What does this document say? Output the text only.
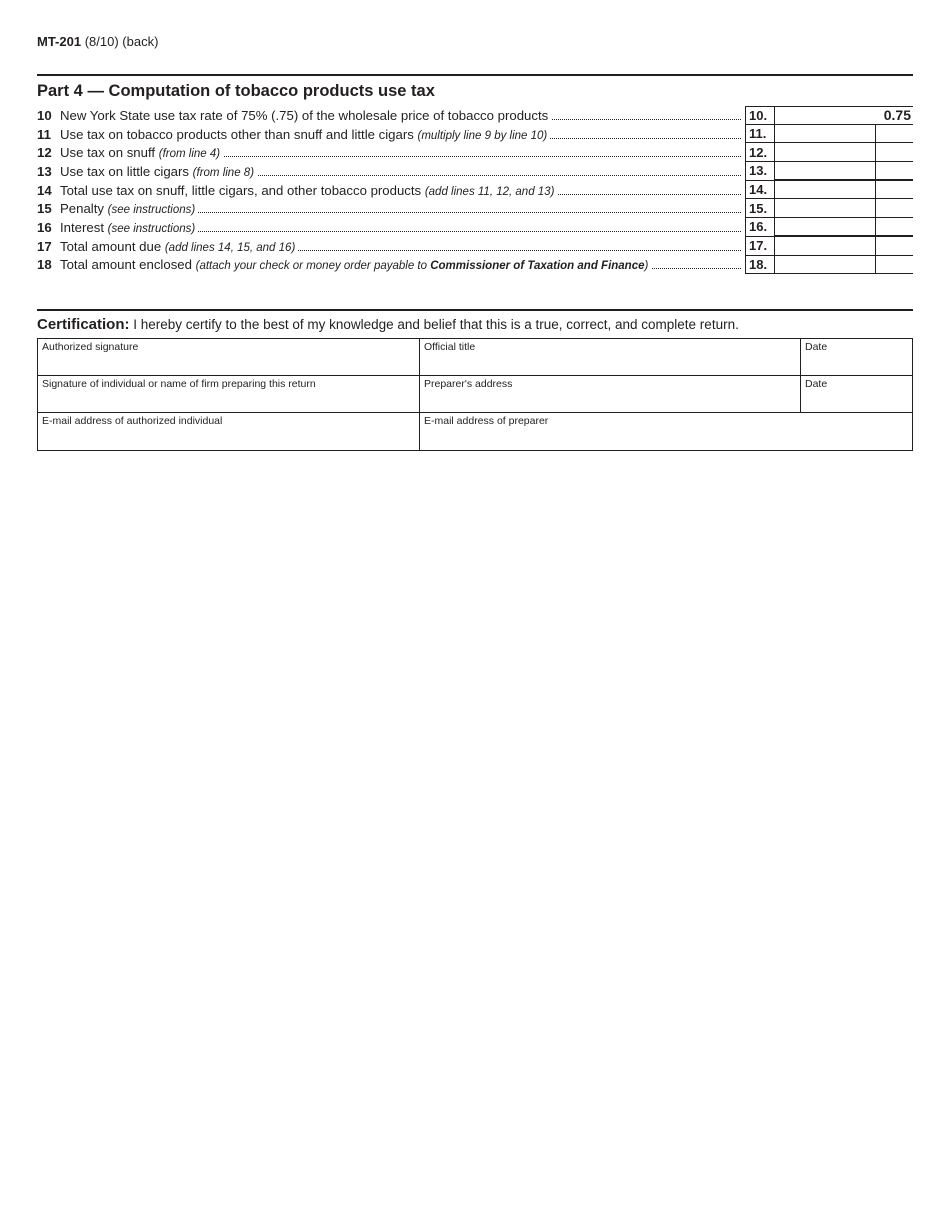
MT-201 (8/10) (back)
Part 4 — Computation of tobacco products use tax
10 New York State use tax rate of 75% (.75) of the wholesale price of tobacco products	10.	0.75
11 Use tax on tobacco products other than snuff and little cigars (multiply line 9 by line 10)	11.
12 Use tax on snuff (from line 4)	12.
13 Use tax on little cigars (from line 8)	13.
14 Total use tax on snuff, little cigars, and other tobacco products (add lines 11, 12, and 13)	14.
15 Penalty (see instructions)	15.
16 Interest (see instructions)	16.
17 Total amount due (add lines 14, 15, and 16)	17.
18 Total amount enclosed (attach your check or money order payable to Commissioner of Taxation and Finance)	18.
Certification: I hereby certify to the best of my knowledge and belief that this is a true, correct, and complete return.
Authorized signature	Official title	Date
Signature of individual or name of firm preparing this return	Preparer's address	Date
E-mail address of authorized individual	E-mail address of preparer
